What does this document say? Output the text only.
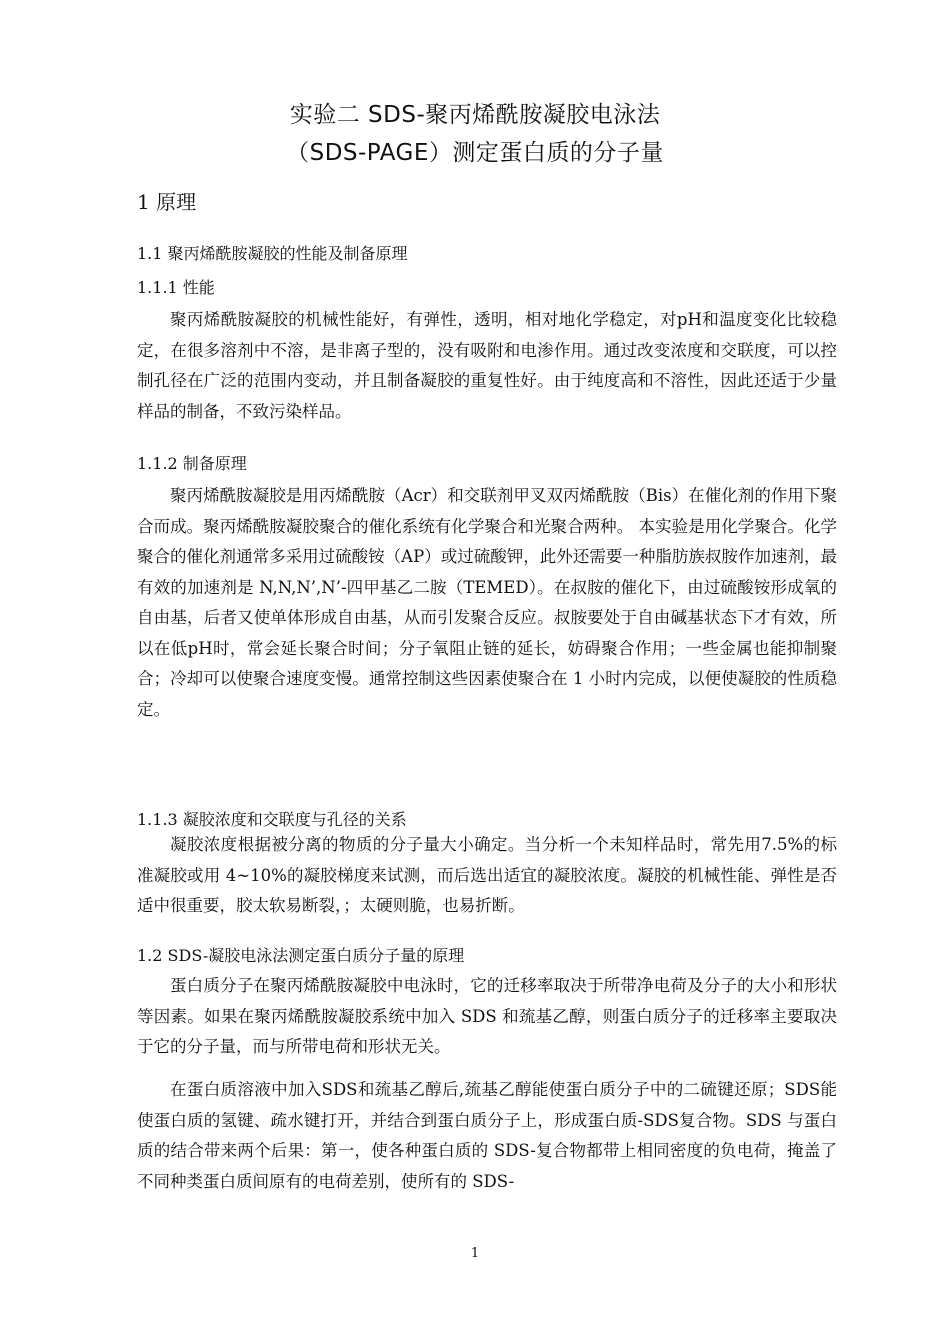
实验二 SDS-聚丙烯酰胺凝胶电泳法
（SDS-PAGE）测定蛋白质的分子量
1 原理
1.1 聚丙烯酰胺凝胶的性能及制备原理
1.1.1 性能
聚丙烯酰胺凝胶的机械性能好，有弹性，透明，相对地化学稳定，对pH和温度变化比较稳定，在很多溶剂中不溶，是非离子型的，没有吸附和电渗作用。通过改变浓度和交联度，可以控制孔径在广泛的范围内变动，并且制备凝胶的重复性好。由于纯度高和不溶性，因此还适于少量样品的制备，不致污染样品。
1.1.2 制备原理
聚丙烯酰胺凝胶是用丙烯酰胺（Acr）和交联剂甲叉双丙烯酰胺（Bis）在催化剂的作用下聚合而成。聚丙烯酰胺凝胶聚合的催化系统有化学聚合和光聚合两种。 本实验是用化学聚合。化学聚合的催化剂通常多采用过硫酸铵（AP）或过硫酸钾，此外还需要一种脂肪族叔胺作加速剂，最有效的加速剂是 N,N,N’,N’-四甲基乙二胺（TEMED）。在叔胺的催化下，由过硫酸铵形成氧的自由基，后者又使单体形成自由基，从而引发聚合反应。叔胺要处于自由碱基状态下才有效，所以在低pH时，常会延长聚合时间；分子氧阻止链的延长，妨碍聚合作用；一些金属也能抑制聚合；冷却可以使聚合速度变慢。通常控制这些因素使聚合在 1 小时内完成，以便使凝胶的性质稳定。
1.1.3 凝胶浓度和交联度与孔径的关系
凝胶浓度根据被分离的物质的分子量大小确定。当分析一个未知样品时，常先用7.5%的标准凝胶或用 4~10%的凝胶梯度来试测，而后选出适宜的凝胶浓度。凝胶的机械性能、弹性是否适中很重要，胶太软易断裂，；太硬则脆，也易折断。
1.2 SDS-凝胶电泳法测定蛋白质分子量的原理
蛋白质分子在聚丙烯酰胺凝胶中电泳时，它的迁移率取决于所带净电荷及分子的大小和形状等因素。如果在聚丙烯酰胺凝胶系统中加入 SDS 和巯基乙醇，则蛋白质分子的迁移率主要取决于它的分子量，而与所带电荷和形状无关。
在蛋白质溶液中加入SDS和巯基乙醇后,巯基乙醇能使蛋白质分子中的二硫键还原；SDS能使蛋白质的氢键、疏水键打开，并结合到蛋白质分子上，形成蛋白质-SDS复合物。SDS 与蛋白质的结合带来两个后果：第一，使各种蛋白质的 SDS-复合物都带上相同密度的负电荷，掩盖了不同种类蛋白质间原有的电荷差别，使所有的 SDS-
1
